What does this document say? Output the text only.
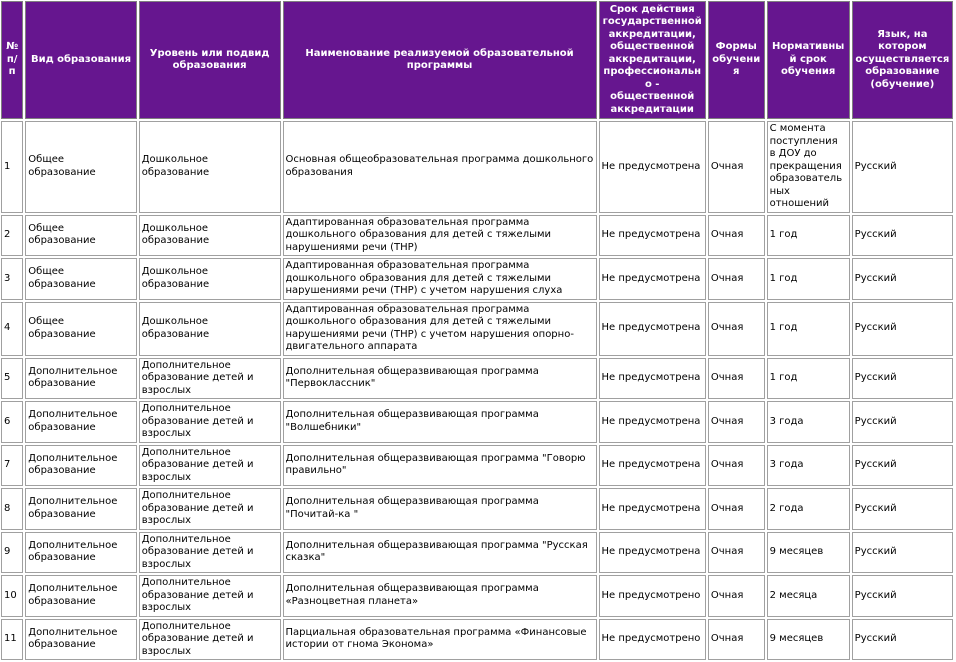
№ п/п	Вид образования	Уровень или подвид образования	Наименование реализуемой образовательной программы	Срок действия государственной аккредитации, общественной аккредитации, профессионально - общественной аккредитации	Формы обучения	Нормативный срок обучения	Язык, на котором осуществляется образование (обучение)
1	Общее образование	Дошкольное образование	Основная общеобразовательная программа дошкольного образования	Не предусмотрена	Очная	С момента поступления в ДОУ до прекращения образовательных отношений	Русский
2	Общее образование	Дошкольное образование	Адаптированная образовательная программа дошкольного образования для детей с тяжелыми нарушениями речи (ТНР)	Не предусмотрена	Очная	1 год	Русский
3	Общее образование	Дошкольное образование	Адаптированная образовательная программа дошкольного образования для детей с тяжелыми нарушениями речи (ТНР) с учетом нарушения слуха	Не предусмотрена	Очная	1 год	Русский
4	Общее образование	Дошкольное образование	Адаптированная образовательная программа дошкольного образования для детей с тяжелыми нарушениями речи (ТНР) с учетом нарушения опорно-двигательного аппарата	Не предусмотрена	Очная	1 год	Русский
5	Дополнительное образование	Дополнительное образование детей и взрослых	Дополнительная общеразвивающая программа "Первоклассник"	Не предусмотрена	Очная	1 год	Русский
6	Дополнительное образование	Дополнительное образование детей и взрослых	Дополнительная общеразвивающая программа "Волшебники"	Не предусмотрена	Очная	3 года	Русский
7	Дополнительное образование	Дополнительное образование детей и взрослых	Дополнительная общеразвивающая программа "Говорю правильно"	Не предусмотрена	Очная	3 года	Русский
8	Дополнительное образование	Дополнительное образование детей и взрослых	Дополнительная общеразвивающая программа "Почитай-ка "	Не предусмотрена	Очная	2 года	Русский
9	Дополнительное образование	Дополнительное образование детей и взрослых	Дополнительная общеразвивающая программа "Русская сказка"	Не предусмотрена	Очная	9 месяцев	Русский
10	Дополнительное образование	Дополнительное образование детей и взрослых	Дополнительная общеразвивающая программа «Разноцветная планета»	Не предусмотрено	Очная	2 месяца	Русский
11	Дополнительное образование	Дополнительное образование детей и взрослых	Парциальная образовательная программа «Финансовые истории от гнома Эконома»	Не предусмотрено	Очная	9 месяцев	Русский
